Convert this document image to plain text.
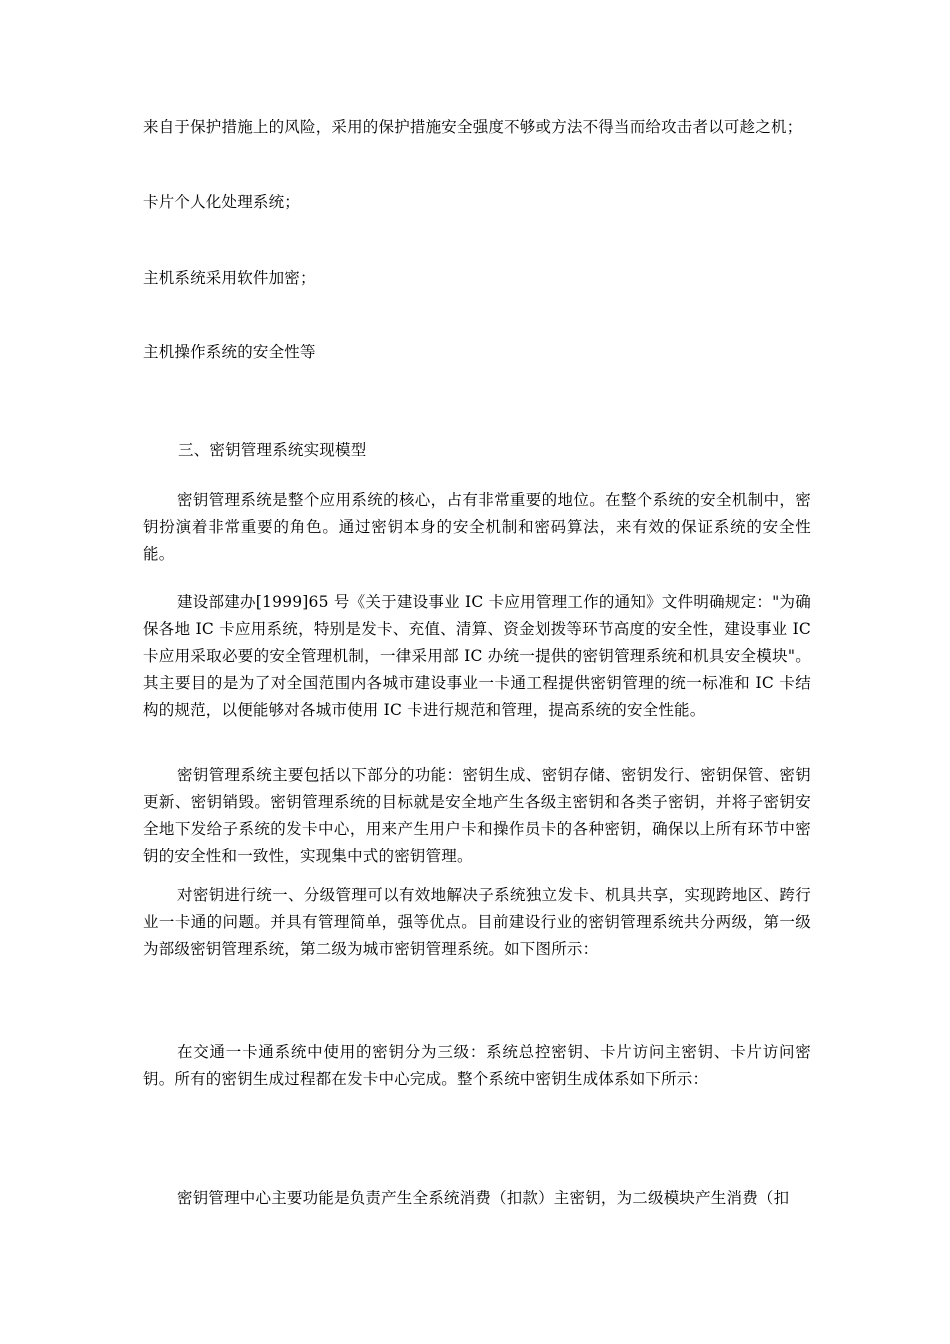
来自于保护措施上的风险，采用的保护措施安全强度不够或方法不得当而给攻击者以可趁之机；

卡片个人化处理系统；

主机系统采用软件加密；

主机操作系统的安全性等

三、密钥管理系统实现模型

密钥管理系统是整个应用系统的核心，占有非常重要的地位。在整个系统的安全机制中，密钥扮演着非常重要的角色。通过密钥本身的安全机制和密码算法，来有效的保证系统的安全性能。

建设部建办[1999]65 号《关于建设事业 IC 卡应用管理工作的通知》文件明确规定："为确保各地 IC 卡应用系统，特别是发卡、充值、清算、资金划拨等环节高度的安全性，建设事业 IC 卡应用采取必要的安全管理机制，一律采用部 IC 办统一提供的密钥管理系统和机具安全模块"。其主要目的是为了对全国范围内各城市建设事业一卡通工程提供密钥管理的统一标准和 IC 卡结构的规范，以便能够对各城市使用 IC 卡进行规范和管理，提高系统的安全性能。

密钥管理系统主要包括以下部分的功能：密钥生成、密钥存储、密钥发行、密钥保管、密钥更新、密钥销毁。密钥管理系统的目标就是安全地产生各级主密钥和各类子密钥，并将子密钥安全地下发给子系统的发卡中心，用来产生用户卡和操作员卡的各种密钥，确保以上所有环节中密钥的安全性和一致性，实现集中式的密钥管理。

对密钥进行统一、分级管理可以有效地解决子系统独立发卡、机具共享，实现跨地区、跨行业一卡通的问题。并具有管理简单，强等优点。目前建设行业的密钥管理系统共分两级，第一级为部级密钥管理系统，第二级为城市密钥管理系统。如下图所示：

在交通一卡通系统中使用的密钥分为三级：系统总控密钥、卡片访问主密钥、卡片访问密钥。所有的密钥生成过程都在发卡中心完成。整个系统中密钥生成体系如下所示：

密钥管理中心主要功能是负责产生全系统消费（扣款）主密钥，为二级模块产生消费（扣
